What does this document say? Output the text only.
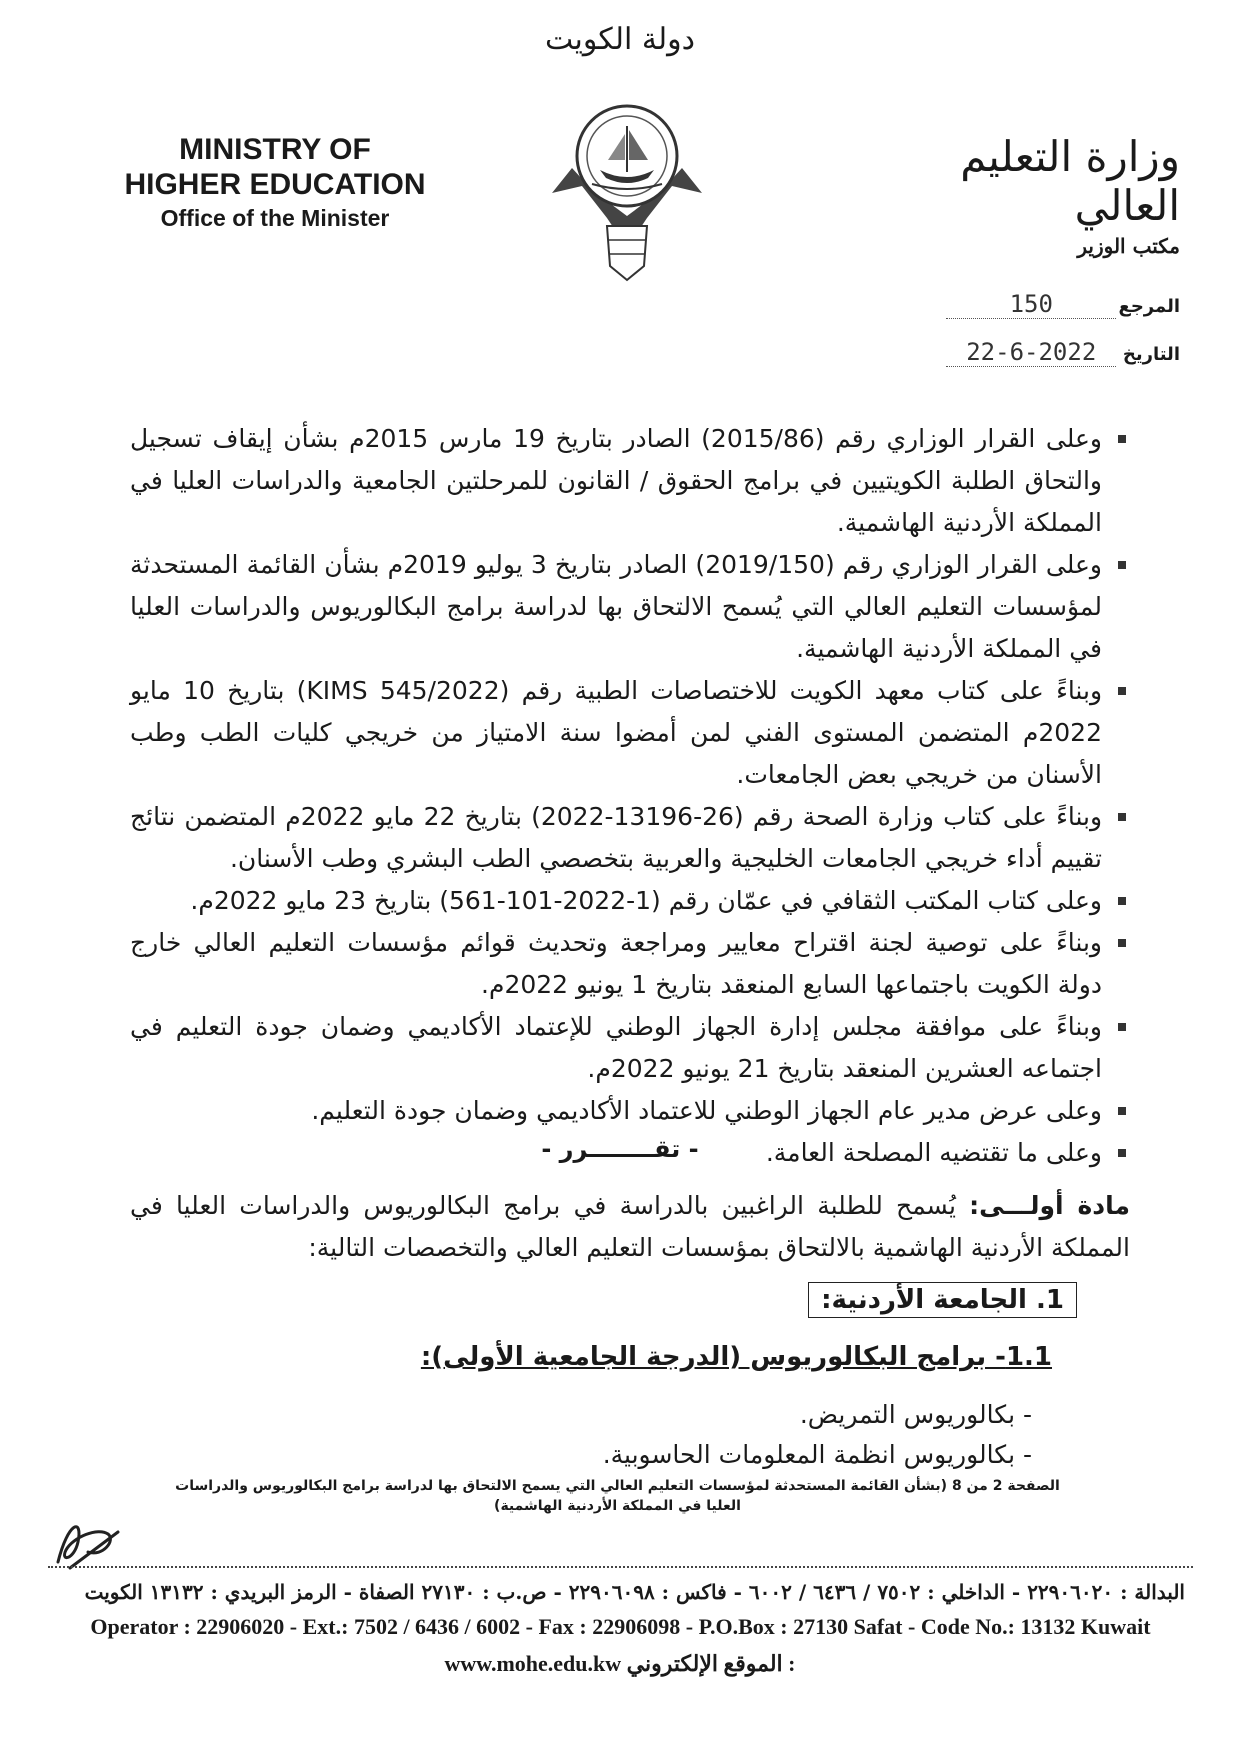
دولة الكويت
MINISTRY OF
HIGHER EDUCATION
Office of the Minister
وزارة التعليم العالي
مكتب الوزير
المرجع 150
التاريخ 22-6-2022
وعلى القرار الوزاري رقم (2015/86) الصادر بتاريخ 19 مارس 2015م بشأن إيقاف تسجيل والتحاق الطلبة الكويتيين في برامج الحقوق / القانون للمرحلتين الجامعية والدراسات العليا في المملكة الأردنية الهاشمية.
وعلى القرار الوزاري رقم (2019/150) الصادر بتاريخ 3 يوليو 2019م بشأن القائمة المستحدثة لمؤسسات التعليم العالي التي يُسمح الالتحاق بها لدراسة برامج البكالوريوس والدراسات العليا في المملكة الأردنية الهاشمية.
وبناءً على كتاب معهد الكويت للاختصاصات الطبية رقم (KIMS 545/2022) بتاريخ 10 مايو 2022م المتضمن المستوى الفني لمن أمضوا سنة الامتياز من خريجي كليات الطب وطب الأسنان من خريجي بعض الجامعات.
وبناءً على كتاب وزارة الصحة رقم (26-13196-2022) بتاريخ 22 مايو 2022م المتضمن نتائج تقييم أداء خريجي الجامعات الخليجية والعربية بتخصصي الطب البشري وطب الأسنان.
وعلى كتاب المكتب الثقافي في عمّان رقم (1-2022-101-561) بتاريخ 23 مايو 2022م.
وبناءً على توصية لجنة اقتراح معايير ومراجعة وتحديث قوائم مؤسسات التعليم العالي خارج دولة الكويت باجتماعها السابع المنعقد بتاريخ 1 يونيو 2022م.
وبناءً على موافقة مجلس إدارة الجهاز الوطني للإعتماد الأكاديمي وضمان جودة التعليم في اجتماعه العشرين المنعقد بتاريخ 21 يونيو 2022م.
وعلى عرض مدير عام الجهاز الوطني للاعتماد الأكاديمي وضمان جودة التعليم.
وعلى ما تقتضيه المصلحة العامة.
- تقــــــــرر -
مادة أولـــى: يُسمح للطلبة الراغبين بالدراسة في برامج البكالوريوس والدراسات العليا في المملكة الأردنية الهاشمية بالالتحاق بمؤسسات التعليم العالي والتخصصات التالية:
1. الجامعة الأردنية:
1.1- برامج البكالوريوس (الدرجة الجامعية الأولى):
- بكالوريوس التمريض.
- بكالوريوس انظمة المعلومات الحاسوبية.
الصفحة 2 من 8 (بشأن القائمة المستحدثة لمؤسسات التعليم العالي التي يسمح الالتحاق بها لدراسة برامج البكالوريوس والدراسات العليا في المملكة الأردنية الهاشمية)
البدالة : ٢٢٩٠٦٠٢٠ - الداخلي : ٧٥٠٢ / ٦٤٣٦ / ٦٠٠٢ - فاكس : ٢٢٩٠٦٠٩٨ - ص.ب : ٢٧١٣٠ الصفاة - الرمز البريدي : ١٣١٣٢ الكويت
Operator : 22906020 - Ext.: 7502 / 6436 / 6002 - Fax : 22906098 - P.O.Box : 27130 Safat - Code No.: 13132 Kuwait
www.mohe.edu.kw : الموقع الإلكتروني
